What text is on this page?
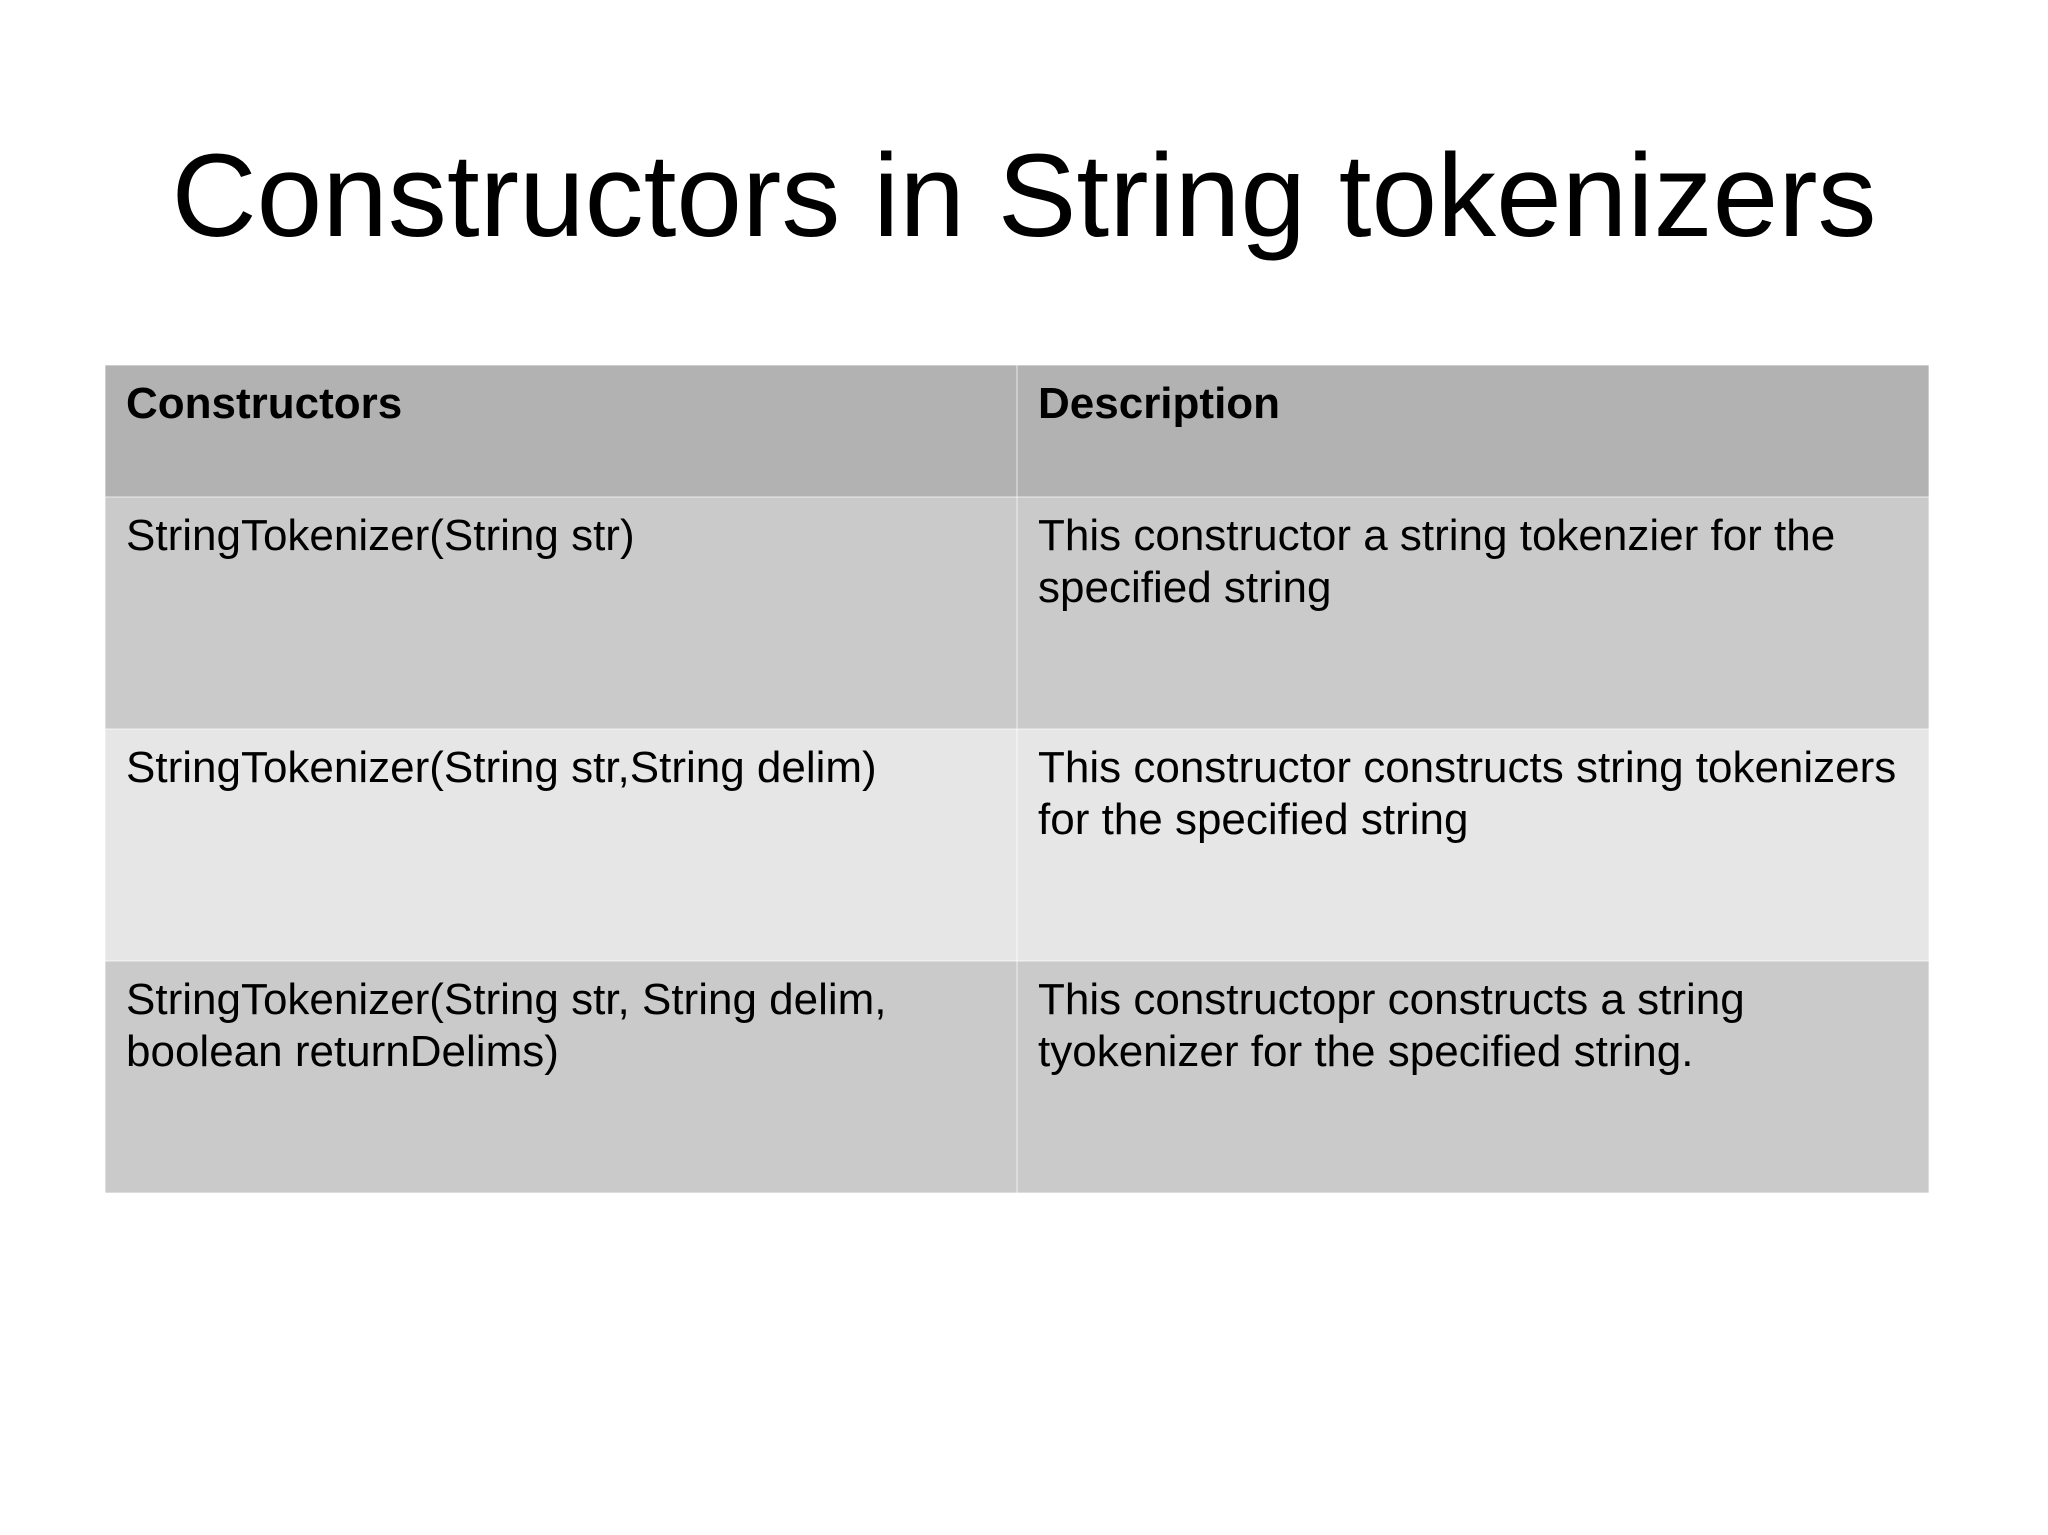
Constructors in String tokenizers
Constructors	Description
StringTokenizer(String str)	This constructor a string tokenzier for the specified string
StringTokenizer(String str,String delim)	This constructor constructs string tokenizers for the specified string
StringTokenizer(String str, String delim, boolean returnDelims)	This constructopr constructs a string tyokenizer for the specified string.
